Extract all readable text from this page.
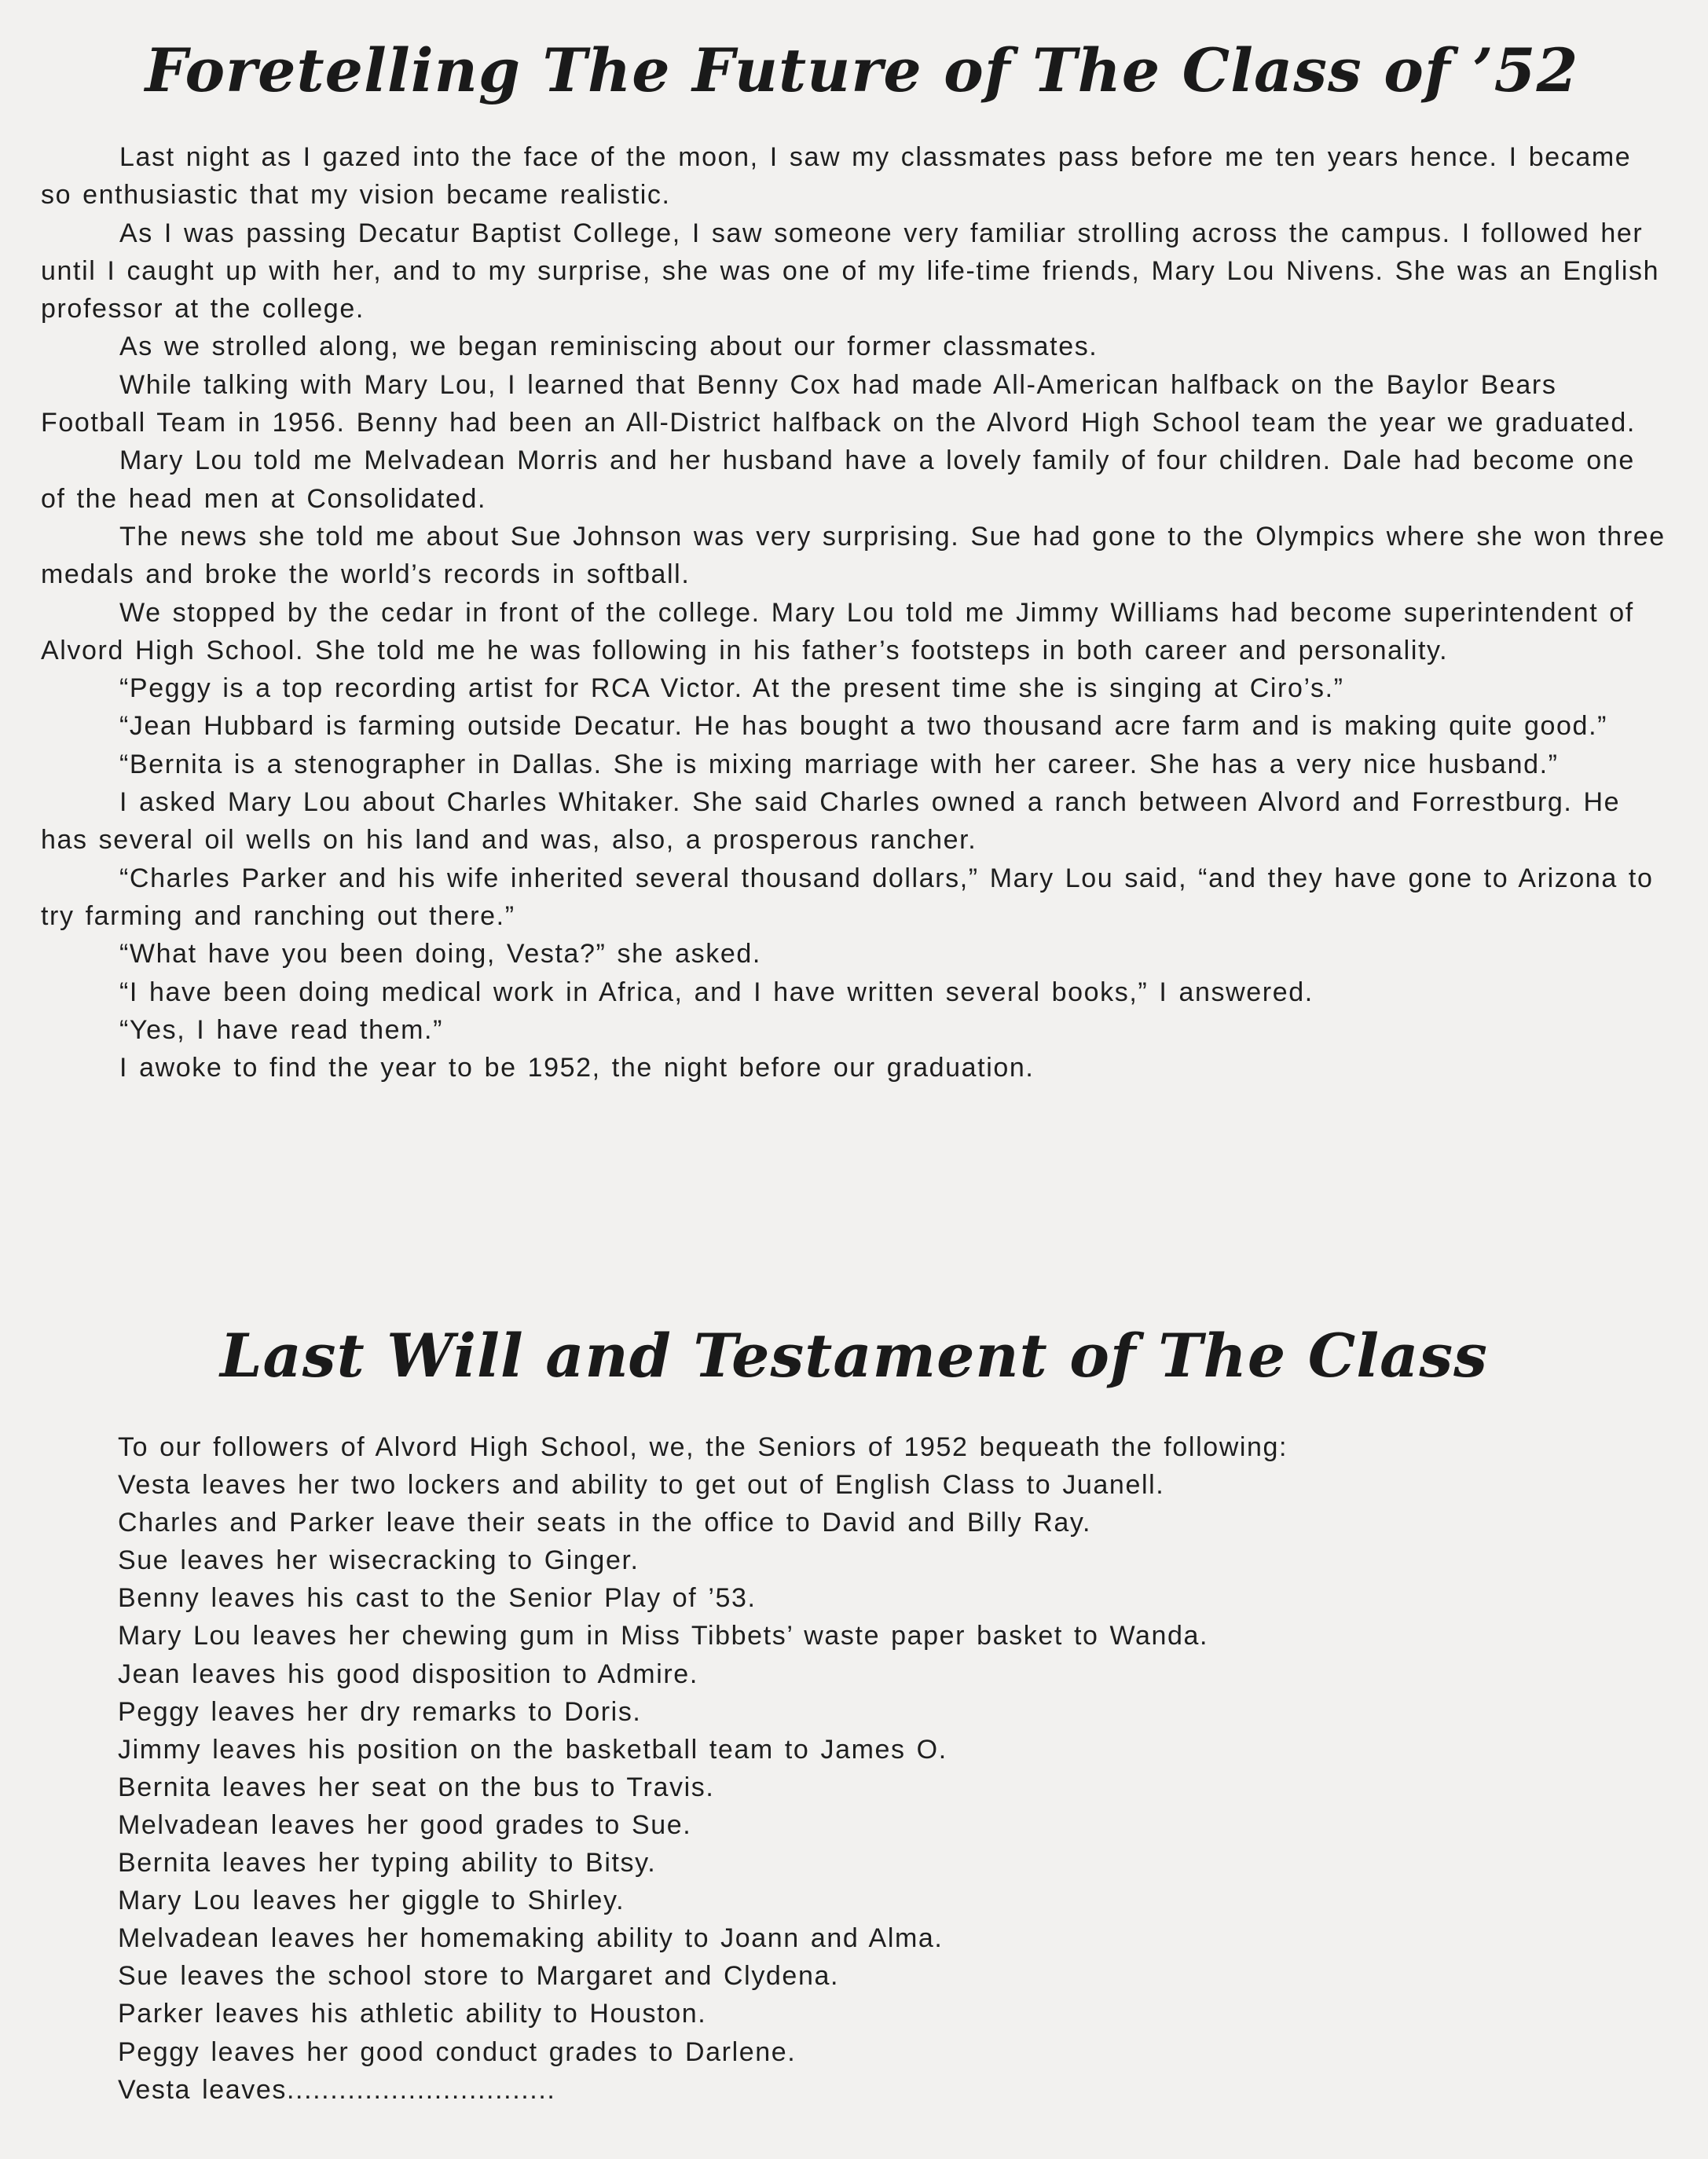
Foretelling The Future of The Class of ’52

Last night as I gazed into the face of the moon, I saw my classmates pass before me ten years hence. I became so enthusiastic that my vision became realistic.

As I was passing Decatur Baptist College, I saw someone very familiar strolling across the campus. I followed her until I caught up with her, and to my surprise, she was one of my life-time friends, Mary Lou Nivens. She was an English professor at the college.

As we strolled along, we began reminiscing about our former classmates.

While talking with Mary Lou, I learned that Benny Cox had made All-American halfback on the Baylor Bears Football Team in 1956. Benny had been an All-District halfback on the Alvord High School team the year we graduated.

Mary Lou told me Melvadean Morris and her husband have a lovely family of four children. Dale had become one of the head men at Consolidated.

The news she told me about Sue Johnson was very surprising. Sue had gone to the Olympics where she won three medals and broke the world’s records in softball.

We stopped by the cedar in front of the college. Mary Lou told me Jimmy Williams had become superintendent of Alvord High School. She told me he was following in his father’s footsteps in both career and personality.

“Peggy is a top recording artist for RCA Victor. At the present time she is singing at Ciro’s.”

“Jean Hubbard is farming outside Decatur. He has bought a two thousand acre farm and is making quite good.”

“Bernita is a stenographer in Dallas. She is mixing marriage with her career. She has a very nice husband.”

I asked Mary Lou about Charles Whitaker. She said Charles owned a ranch between Alvord and Forrestburg. He has several oil wells on his land and was, also, a prosperous rancher.

“Charles Parker and his wife inherited several thousand dollars,” Mary Lou said, “and they have gone to Arizona to try farming and ranching out there.”

“What have you been doing, Vesta?” she asked.

“I have been doing medical work in Africa, and I have written several books,” I answered.

“Yes, I have read them.”

I awoke to find the year to be 1952, the night before our graduation.

Last Will and Testament of The Class

To our followers of Alvord High School, we, the Seniors of 1952 bequeath the following:

Vesta leaves her two lockers and ability to get out of English Class to Juanell.

Charles and Parker leave their seats in the office to David and Billy Ray.

Sue leaves her wisecracking to Ginger.

Benny leaves his cast to the Senior Play of ’53.

Mary Lou leaves her chewing gum in Miss Tibbets’ waste paper basket to Wanda.

Jean leaves his good disposition to Admire.

Peggy leaves her dry remarks to Doris.

Jimmy leaves his position on the basketball team to James O.

Bernita leaves her seat on the bus to Travis.

Melvadean leaves her good grades to Sue.

Bernita leaves her typing ability to Bitsy.

Mary Lou leaves her giggle to Shirley.

Melvadean leaves her homemaking ability to Joann and Alma.

Sue leaves the school store to Margaret and Clydena.

Parker leaves his athletic ability to Houston.

Peggy leaves her good conduct grades to Darlene.

Vesta leaves...............................
